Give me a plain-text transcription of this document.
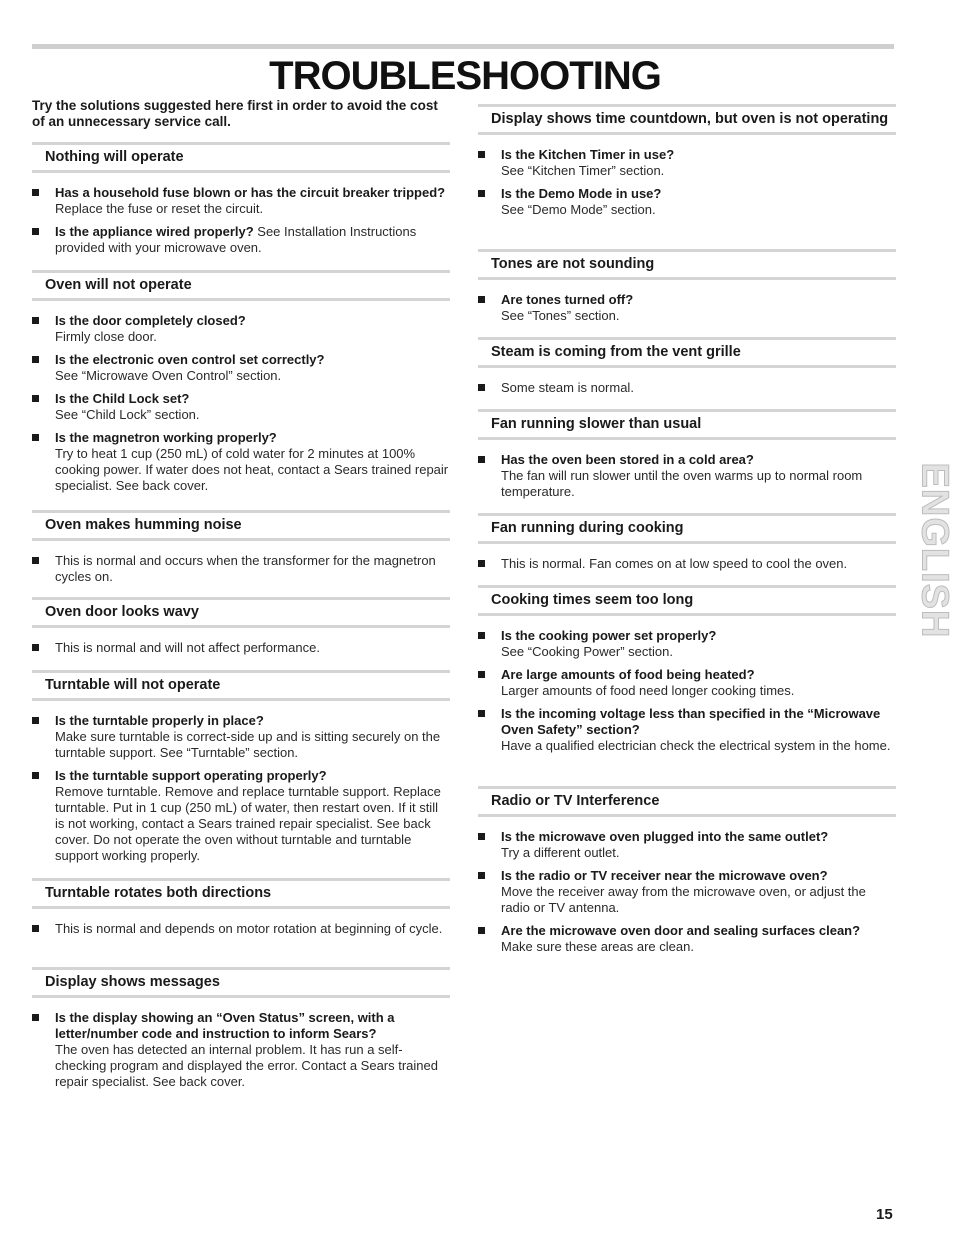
TROUBLESHOOTING
Try the solutions suggested here first in order to avoid the cost of an unnecessary service call.
Nothing will operate
Has a household fuse blown or has the circuit breaker tripped? Replace the fuse or reset the circuit.
Is the appliance wired properly? See Installation Instructions provided with your microwave oven.
Oven will not operate
Is the door completely closed?
Firmly close door.
Is the electronic oven control set correctly?
See “Microwave Oven Control” section.
Is the Child Lock set?
See “Child Lock” section.
Is the magnetron working properly?
Try to heat 1 cup (250 mL) of cold water for 2 minutes at 100% cooking power. If water does not heat, contact a Sears trained repair specialist. See back cover.
Oven makes humming noise
This is normal and occurs when the transformer for the magnetron cycles on.
Oven door looks wavy
This is normal and will not affect performance.
Turntable will not operate
Is the turntable properly in place?
Make sure turntable is correct-side up and is sitting securely on the turntable support. See “Turntable” section.
Is the turntable support operating properly?
Remove turntable. Remove and replace turntable support. Replace turntable. Put in 1 cup (250 mL) of water, then restart oven. If it still is not working, contact a Sears trained repair specialist. See back cover. Do not operate the oven without turntable and turntable support working properly.
Turntable rotates both directions
This is normal and depends on motor rotation at beginning of cycle.
Display shows messages
Is the display showing an “Oven Status” screen, with a letter/number code and instruction to inform Sears?
The oven has detected an internal problem. It has run a self-checking program and displayed the error. Contact a Sears trained repair specialist. See back cover.
Display shows time countdown, but oven is not operating
Is the Kitchen Timer in use?
See “Kitchen Timer” section.
Is the Demo Mode in use?
See “Demo Mode” section.
Tones are not sounding
Are tones turned off?
See “Tones” section.
Steam is coming from the vent grille
Some steam is normal.
Fan running slower than usual
Has the oven been stored in a cold area?
The fan will run slower until the oven warms up to normal room temperature.
Fan running during cooking
This is normal. Fan comes on at low speed to cool the oven.
Cooking times seem too long
Is the cooking power set properly?
See “Cooking Power” section.
Are large amounts of food being heated?
Larger amounts of food need longer cooking times.
Is the incoming voltage less than specified in the “Microwave Oven Safety” section?
Have a qualified electrician check the electrical system in the home.
Radio or TV Interference
Is the microwave oven plugged into the same outlet?
Try a different outlet.
Is the radio or TV receiver near the microwave oven?
Move the receiver away from the microwave oven, or adjust the radio or TV antenna.
Are the microwave oven door and sealing surfaces clean?
Make sure these areas are clean.
ENGLISH
15
